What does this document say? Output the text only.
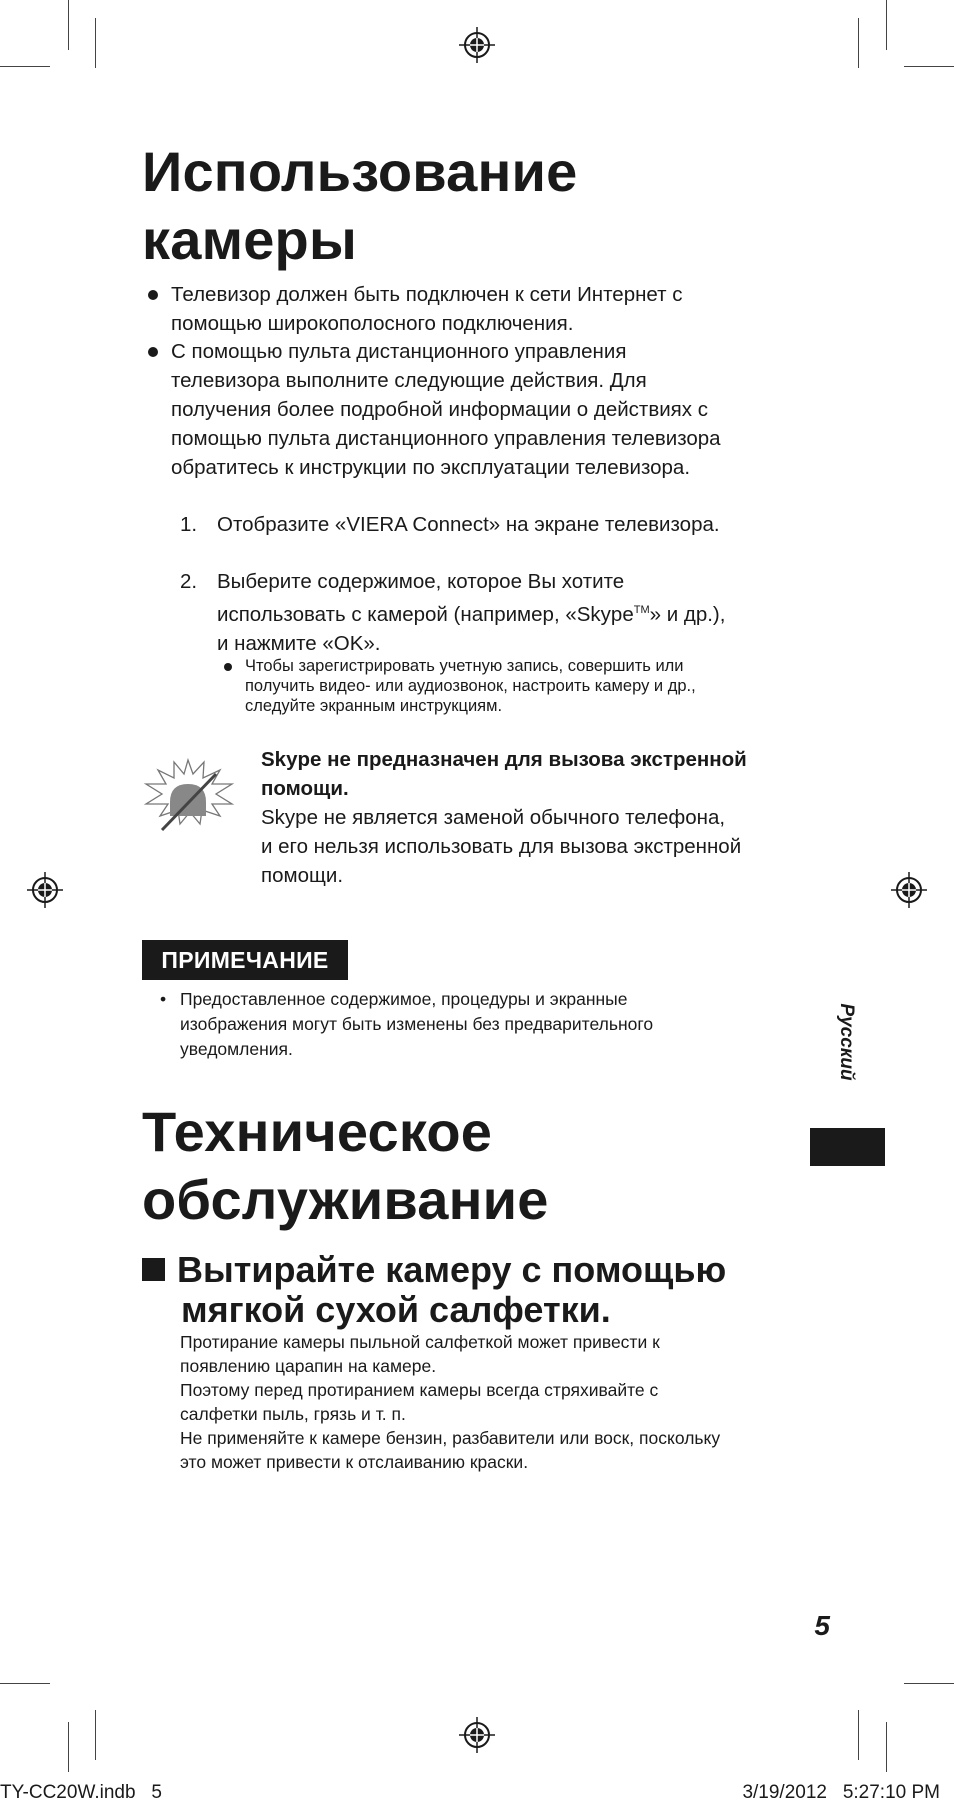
Использование
камеры
Телевизор должен быть подключен к сети Интернет с
помощью широкополосного подключения.
С помощью пульта дистанционного управления
телевизора выполните следующие действия. Для
получения более подробной информации о действиях с
помощью пульта дистанционного управления телевизора
обратитесь к инструкции по эксплуатации телевизора.
1. Отобразите «VIERA Connect» на экране телевизора.
2. Выберите содержимое, которое Вы хотите
использовать с камерой (например, «Skype™» и др.),
и нажмите «OK».
Чтобы зарегистрировать учетную запись, совершить или
получить видео- или аудиозвонок, настроить камеру и др.,
следуйте экранным инструкциям.
Skype не предназначен для вызова экстренной
помощи.
Skype не является заменой обычного телефона,
и его нельзя использовать для вызова экстренной
помощи.
ПРИМЕЧАНИЕ
• Предоставленное содержимое, процедуры и экранные
изображения могут быть изменены без предварительного
уведомления.	Русский
Техническое
обслуживание
Вытирайте камеру с помощью
мягкой сухой салфетки.
Протирание камеры пыльной салфеткой может привести к
появлению царапин на камере.
Поэтому перед протиранием камеры всегда стряхивайте с
салфетки пыль, грязь и т. п.
Не применяйте к камере бензин, разбавители или воск, поскольку
это может привести к отслаиванию краски.
5
TY-CC20W.indb   5	3/19/2012   5:27:10 PM
